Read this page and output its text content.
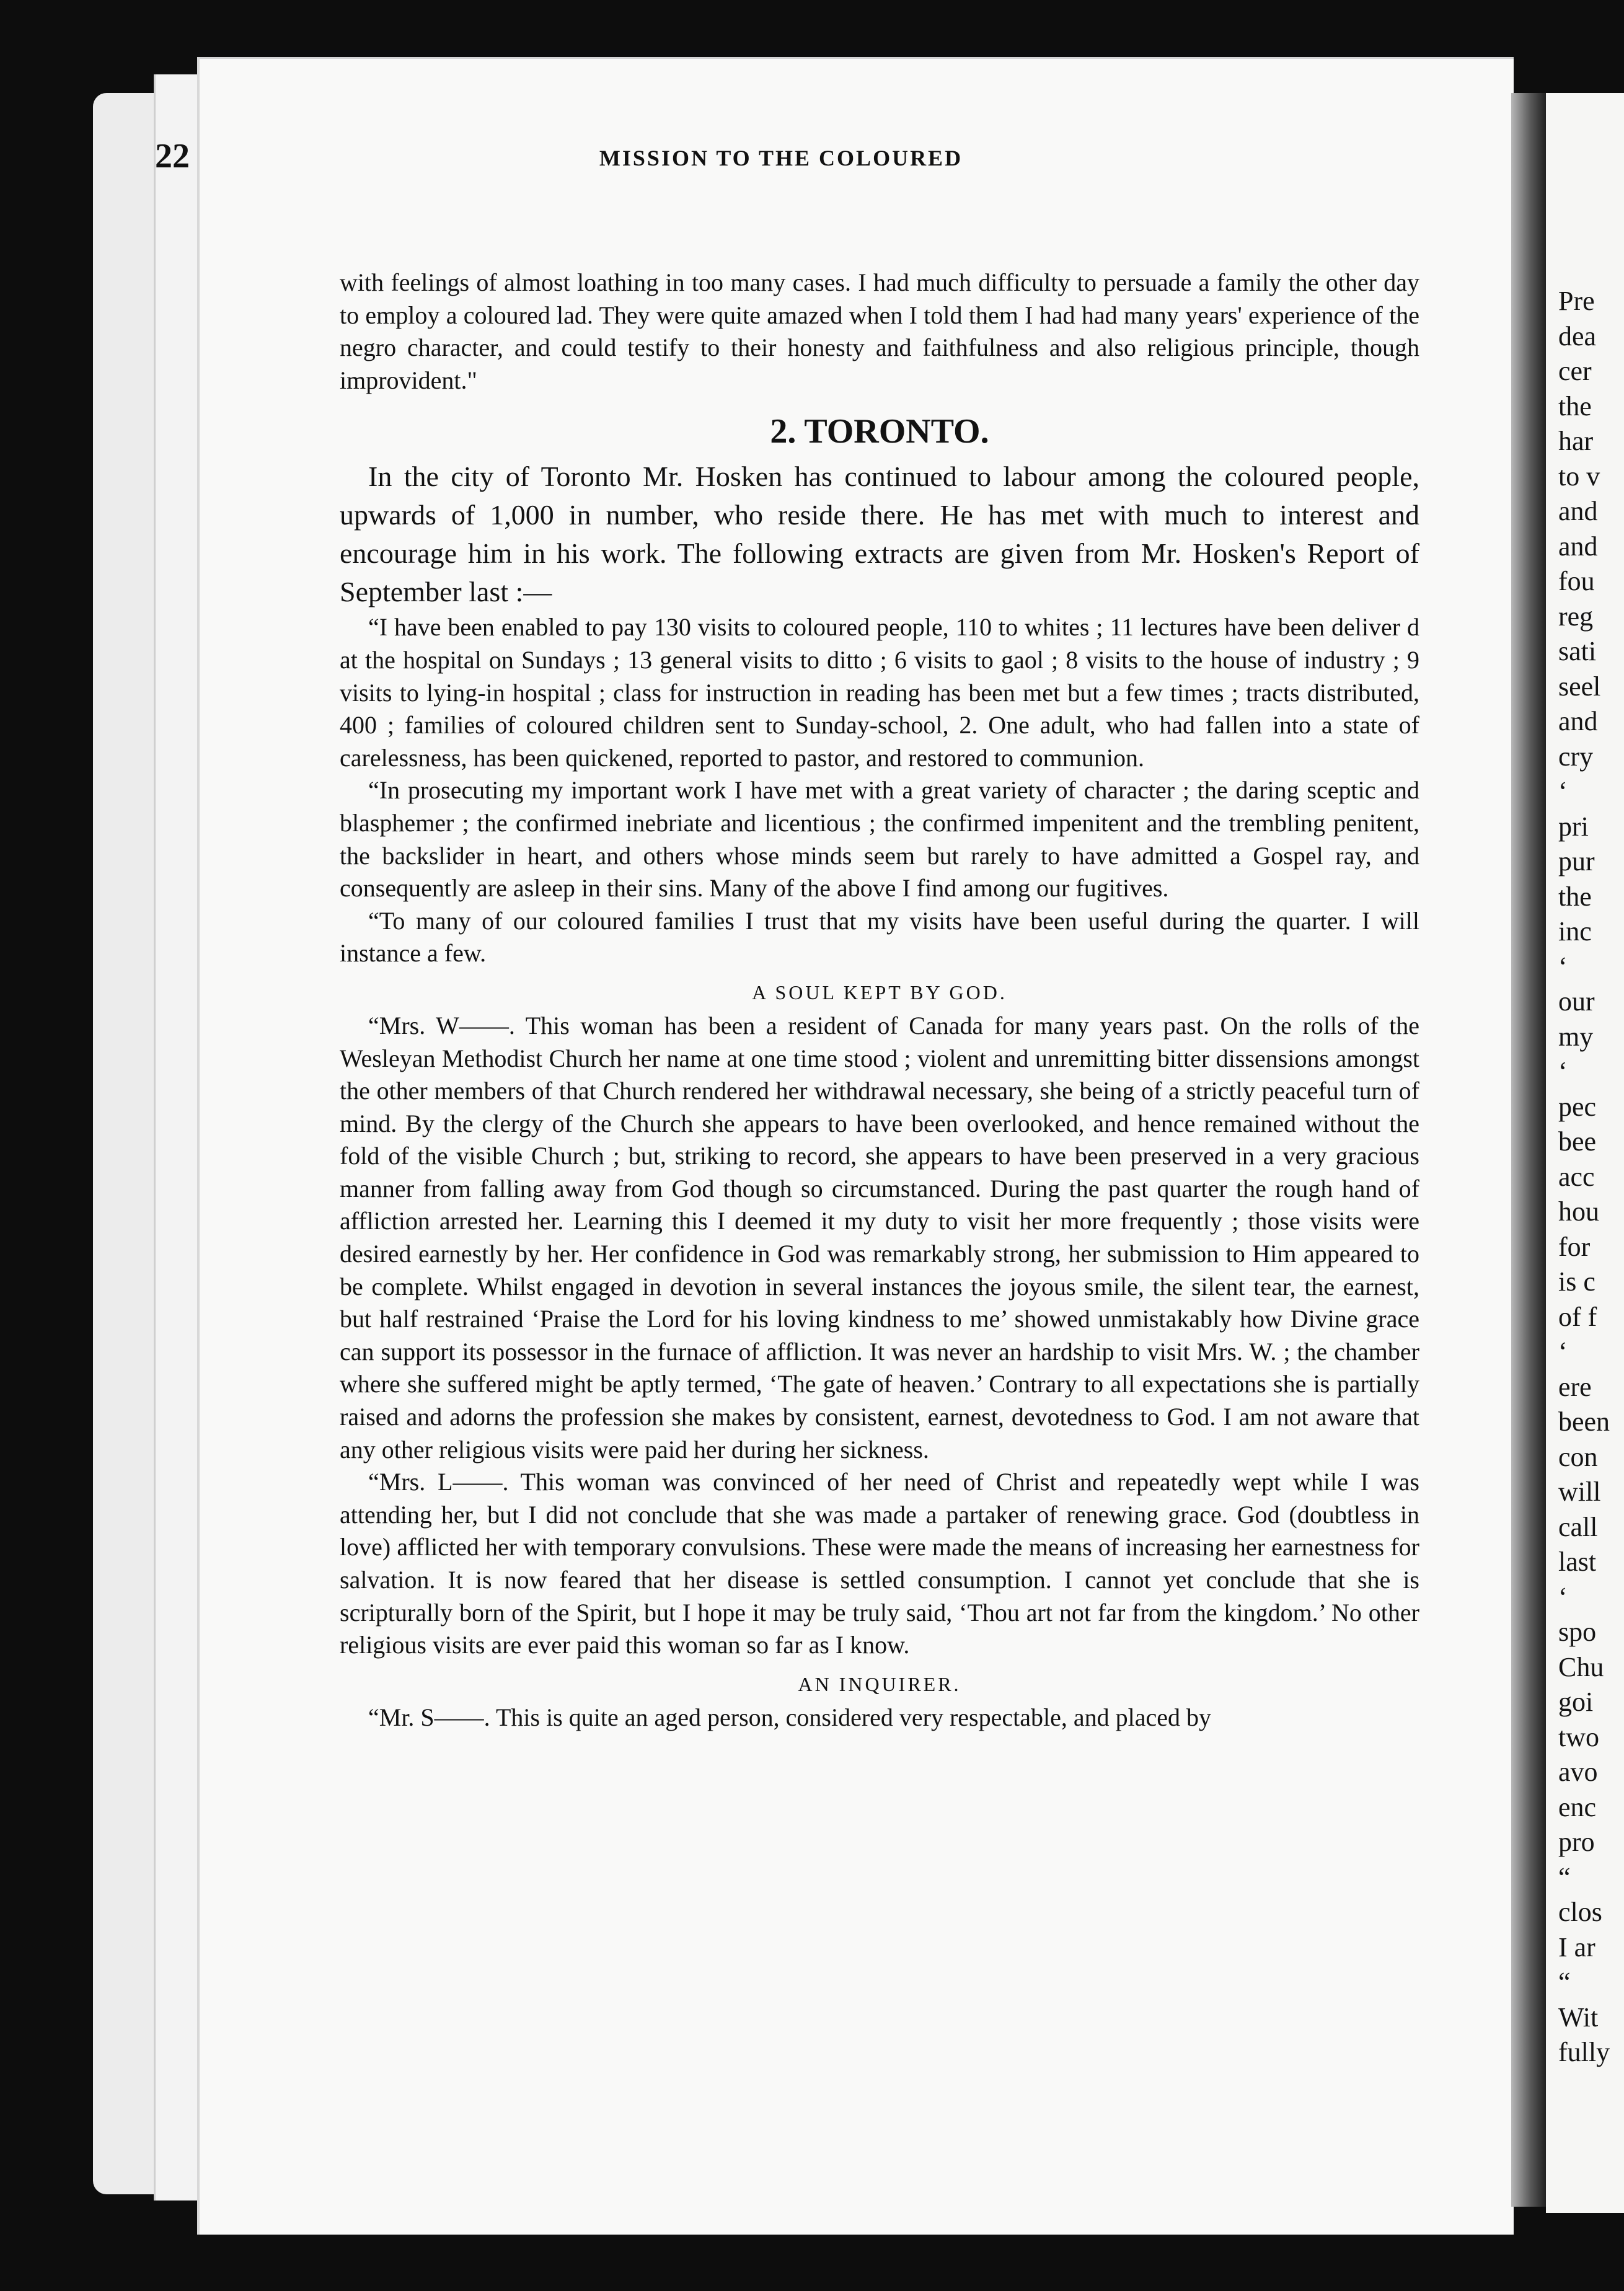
Pre
dea
cer
the
har
to v
and
and
fou
reg
sati
seel
and
cry
‘
pri
pur
the
inc
‘
our
my
‘
pec
bee
acc
hou
for
is c
of f
‘
ere
been
con
will
call
last
‘
spo
Chu
goi
two
avo
enc
pro
“
clos
I ar
“
Wit
fully
22	MISSION TO THE COLOURED

with feelings of almost loathing in too many cases. I had much difficulty to persuade a family the other day to employ a coloured lad. They were quite amazed when I told them I had had many years' experience of the negro character, and could testify to their honesty and faithfulness and also religious principle, though improvident."

2. TORONTO.

In the city of Toronto Mr. Hosken has continued to labour among the coloured people, upwards of 1,000 in number, who reside there. He has met with much to interest and encourage him in his work. The following extracts are given from Mr. Hosken's Report of September last :—

“I have been enabled to pay 130 visits to coloured people, 110 to whites ; 11 lectures have been deliver d at the hospital on Sundays ; 13 general visits to ditto ; 6 visits to gaol ; 8 visits to the house of industry ; 9 visits to lying-in hospital ; class for instruction in reading has been met but a few times ; tracts distributed, 400 ; families of coloured children sent to Sunday-school, 2. One adult, who had fallen into a state of carelessness, has been quickened, reported to pastor, and restored to communion.

“In prosecuting my important work I have met with a great variety of character ; the daring sceptic and blasphemer ; the confirmed inebriate and licentious ; the confirmed impenitent and the trembling penitent, the backslider in heart, and others whose minds seem but rarely to have admitted a Gospel ray, and consequently are asleep in their sins. Many of the above I find among our fugitives.

“To many of our coloured families I trust that my visits have been useful during the quarter. I will instance a few.

A SOUL KEPT BY GOD.

“Mrs. W——. This woman has been a resident of Canada for many years past. On the rolls of the Wesleyan Methodist Church her name at one time stood ; violent and unremitting bitter dissensions amongst the other members of that Church rendered her withdrawal necessary, she being of a strictly peaceful turn of mind. By the clergy of the Church she appears to have been overlooked, and hence remained without the fold of the visible Church ; but, striking to record, she appears to have been preserved in a very gracious manner from falling away from God though so circumstanced. During the past quarter the rough hand of affliction arrested her. Learning this I deemed it my duty to visit her more frequently ; those visits were desired earnestly by her. Her confidence in God was remarkably strong, her submission to Him appeared to be complete. Whilst engaged in devotion in several instances the joyous smile, the silent tear, the earnest, but half restrained ‘Praise the Lord for his loving kindness to me’ showed unmistakably how Divine grace can support its possessor in the furnace of affliction. It was never an hardship to visit Mrs. W. ; the chamber where she suffered might be aptly termed, ‘The gate of heaven.’ Contrary to all expectations she is partially raised and adorns the profession she makes by consistent, earnest, devotedness to God. I am not aware that any other religious visits were paid her during her sickness.

“Mrs. L——. This woman was convinced of her need of Christ and repeatedly wept while I was attending her, but I did not conclude that she was made a partaker of renewing grace. God (doubtless in love) afflicted her with temporary convulsions. These were made the means of increasing her earnestness for salvation. It is now feared that her disease is settled consumption. I cannot yet conclude that she is scripturally born of the Spirit, but I hope it may be truly said, ‘Thou art not far from the kingdom.’ No other religious visits are ever paid this woman so far as I know.

AN INQUIRER.

“Mr. S——. This is quite an aged person, considered very respectable, and placed by
